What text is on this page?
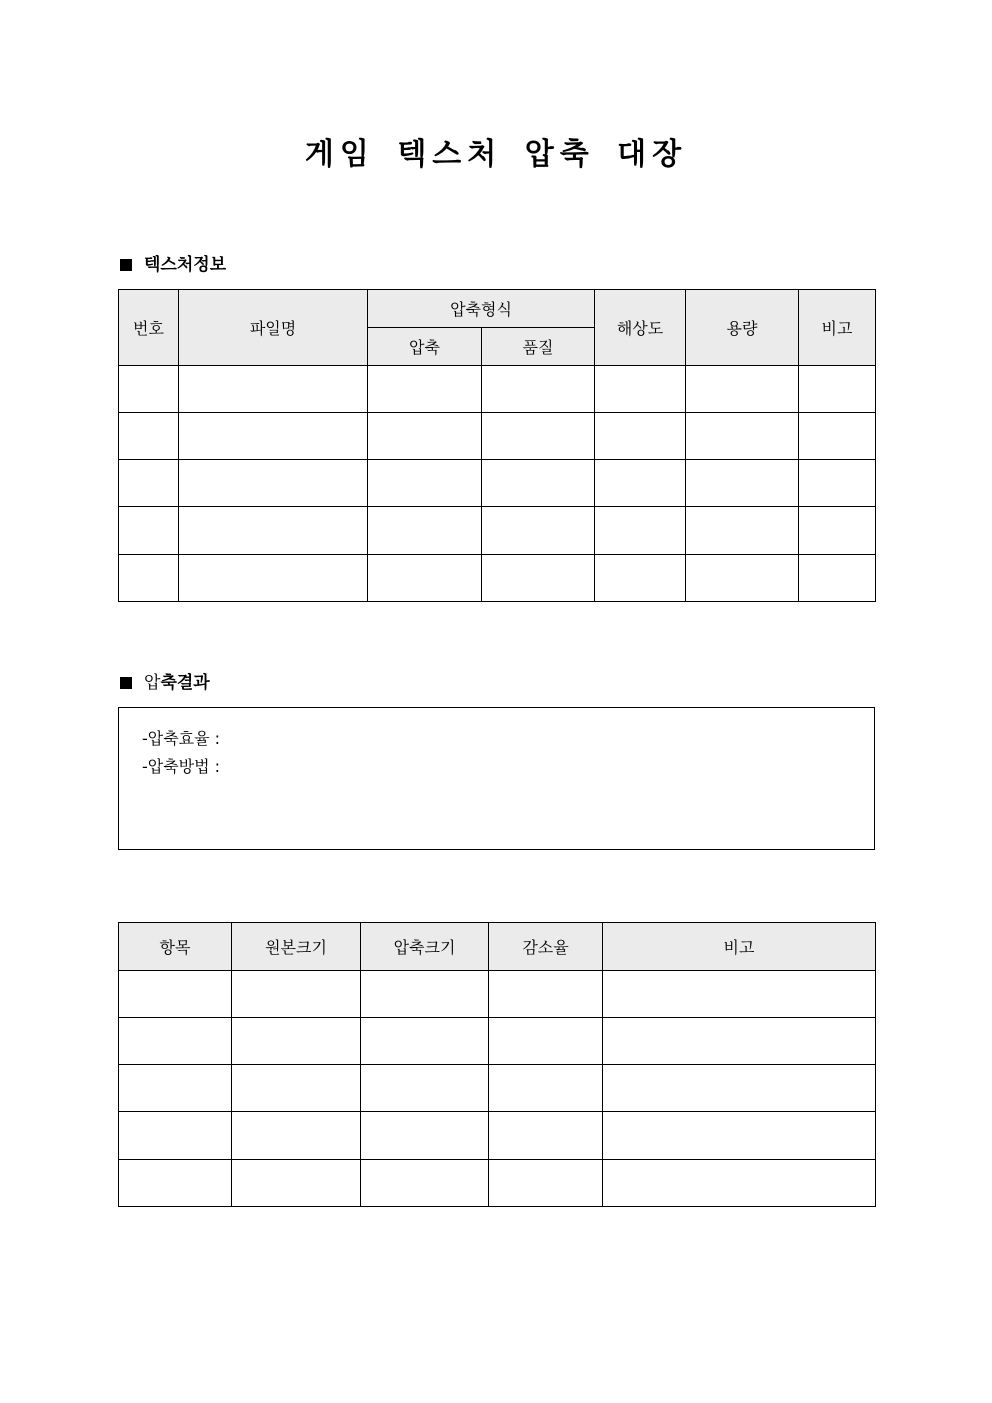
게임 텍스처 압축 대장
텍스처정보
번호	파일명	압축형식		해상도	용량	비고
		압축	품질			

압 축결과
-압축효율 :
-압축방법 :
항목	원본크기	압축크기	감소율	비고
